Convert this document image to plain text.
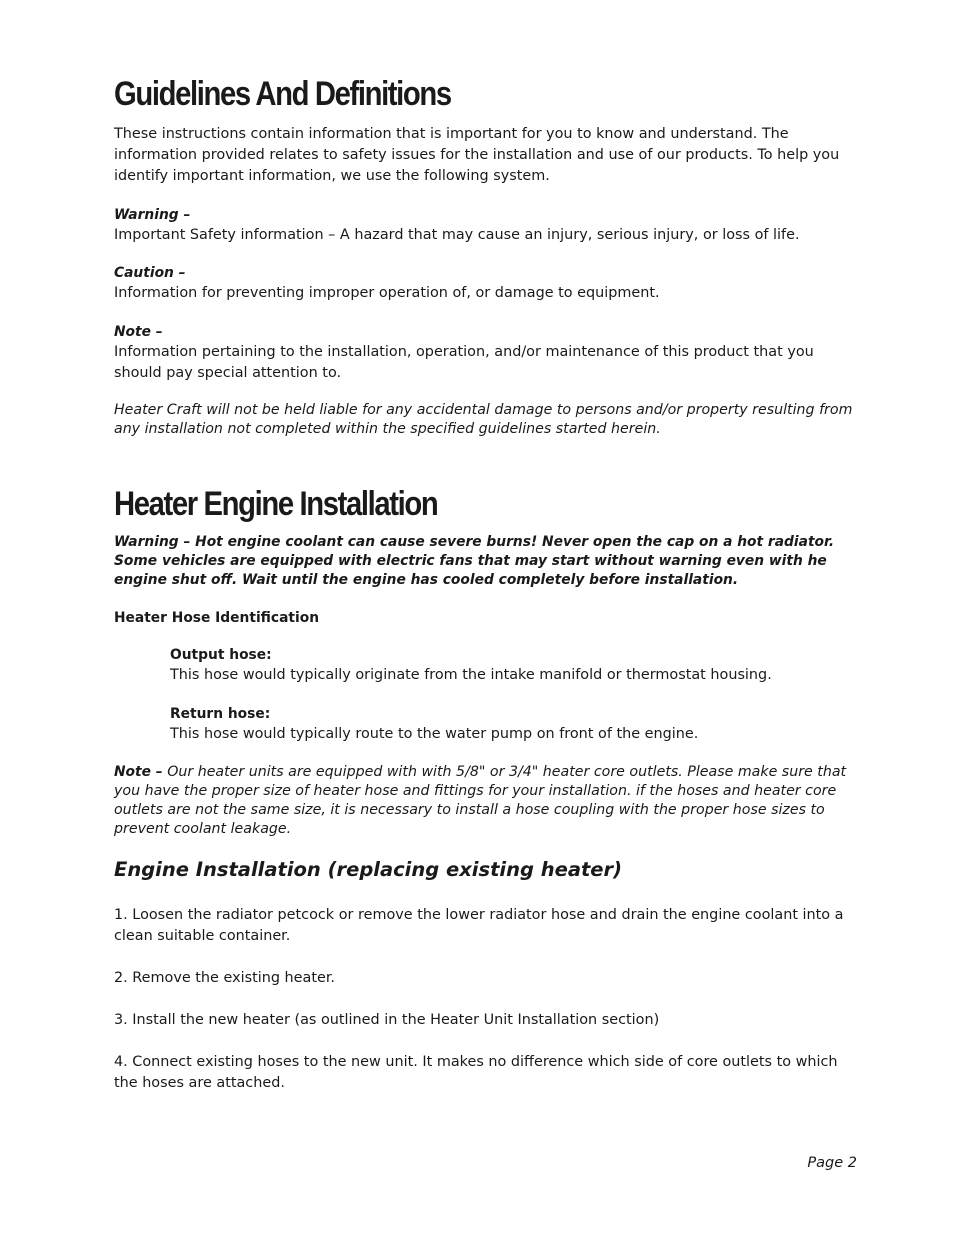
Guidelines And Definitions

These instructions contain information that is important for you to know and understand. The information provided relates to safety issues for the installation and use of our products. To help you identify important information, we use the following system.

Warning –

Important Safety information – A hazard that may cause an injury, serious injury, or loss of life.

Caution –

Information for preventing improper operation of, or damage to equipment.

Note –

Information pertaining to the installation, operation, and/or maintenance of this product that you should pay special attention to.

Heater Craft will not be held liable for any accidental damage to persons and/or property resulting from any installation not completed within the specified guidelines started herein.

Heater Engine Installation

Warning – Hot engine coolant can cause severe burns! Never open the cap on a hot radiator. Some vehicles are equipped with electric fans that may start without warning even with he engine shut off. Wait until the engine has cooled completely before installation.

Heater Hose Identification

Output hose:

This hose would typically originate from the intake manifold or thermostat housing.

Return hose:

This hose would typically route to the water pump on front of the engine.

Note – Our heater units are equipped with with 5/8" or 3/4" heater core outlets. Please make sure that you have the proper size of heater hose and fittings for your installation. if the hoses and heater core outlets are not the same size, it is necessary to install a hose coupling with the proper hose sizes to prevent coolant leakage.

Engine Installation (replacing existing heater)

1. Loosen the radiator petcock or remove the lower radiator hose and drain the engine coolant into a clean suitable container.

2. Remove the existing heater.

3. Install the new heater (as outlined in the Heater Unit Installation section)

4. Connect existing hoses to the new unit. It makes no difference which side of core outlets to which the hoses are attached.

Page 2
